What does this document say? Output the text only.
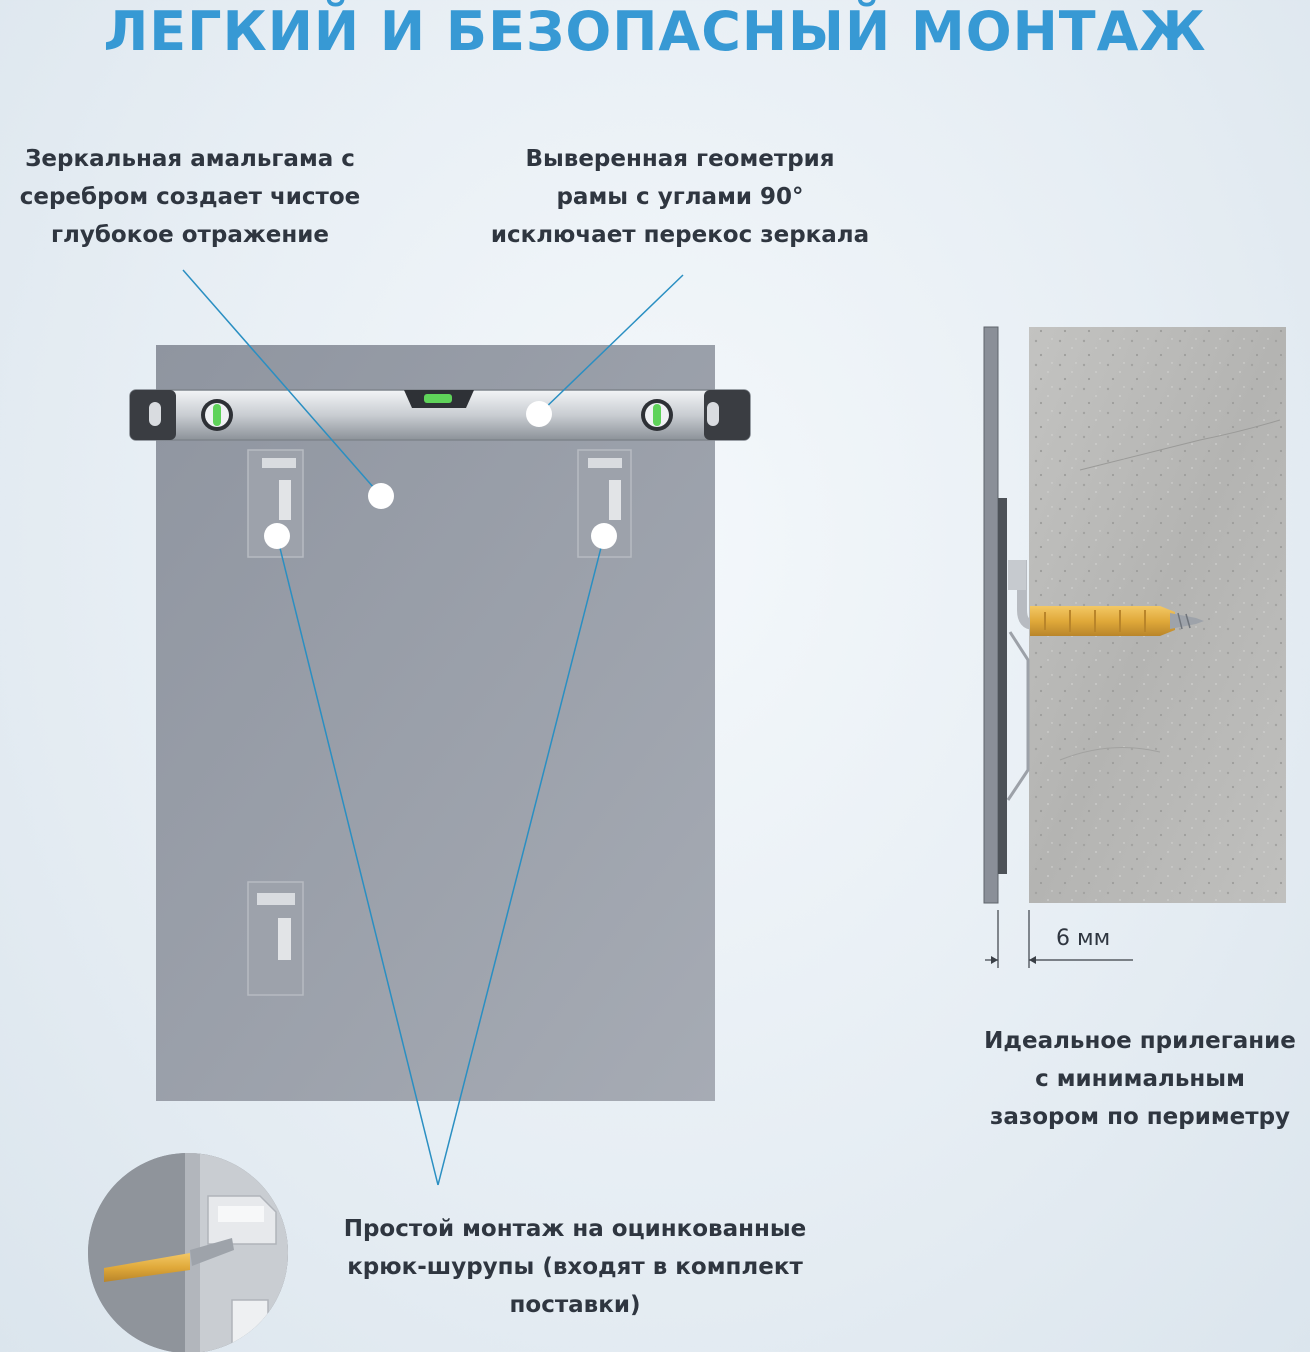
ЛЕГКИЙ И БЕЗОПАСНЫЙ МОНТАЖ
Зеркальная амальгама с
серебром создает чистое
глубокое отражение
Выверенная геометрия
рамы с углами 90°
исключает перекос зеркала
6 мм
Идеальное прилегание
с минимальным
зазором по периметру
Простой монтаж на оцинкованные
крюк-шурупы (входят в комплект
поставки)
